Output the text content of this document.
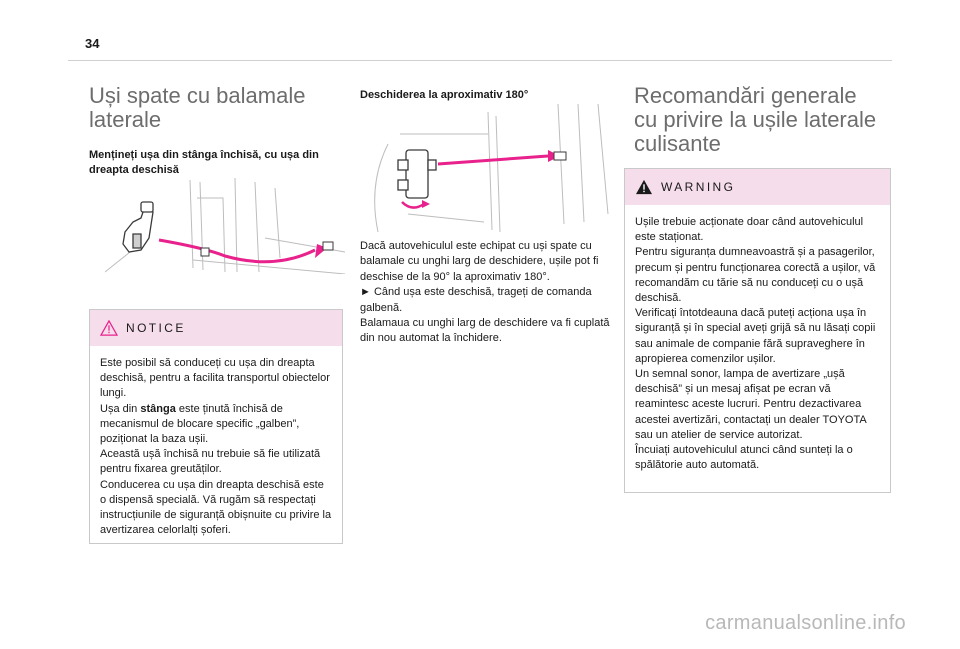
34
Uși spate cu balamale laterale

Mențineți ușa din stânga închisă, cu ușa din dreapta deschisă

NOTICE
Este posibil să conduceți cu ușa din dreapta deschisă, pentru a facilita transportul obiectelor lungi.
Ușa din stânga este ținută închisă de mecanismul de blocare specific „galben”, poziționat la baza ușii.
Această ușă închisă nu trebuie să fie utilizată pentru fixarea greutăților.
Conducerea cu ușa din dreapta deschisă este o dispensă specială. Vă rugăm să respectați instrucțiunile de siguranță obișnuite cu privire la avertizarea celorlalți șoferi.

Deschiderea la aproximativ 180°

Dacă autovehiculul este echipat cu uși spate cu balamale cu unghi larg de deschidere, ușile pot fi deschise de la 90° la aproximativ 180°.
► Când ușa este deschisă, trageți de comanda galbenă.
Balamaua cu unghi larg de deschidere va fi cuplată din nou automat la închidere.
Recomandări generale cu privire la ușile laterale culisante
WARNING
Ușile trebuie acționate doar când autovehiculul este staționat.
Pentru siguranța dumneavoastră și a pasagerilor, precum și pentru funcționarea corectă a ușilor, vă recomandăm cu tărie să nu conduceți cu o ușă deschisă.
Verificați întotdeauna dacă puteți acționa ușa în siguranță și în special aveți grijă să nu lăsați copii sau animale de companie fără supraveghere în apropierea comenzilor ușilor.
Un semnal sonor, lampa de avertizare „ușă deschisă” și un mesaj afișat pe ecran vă reamintesc aceste lucruri. Pentru dezactivarea acestei avertizări, contactați un dealer TOYOTA sau un atelier de service autorizat.
Încuiați autovehiculul atunci când sunteți la o spălătorie auto automată.
carmanualsonline.info
